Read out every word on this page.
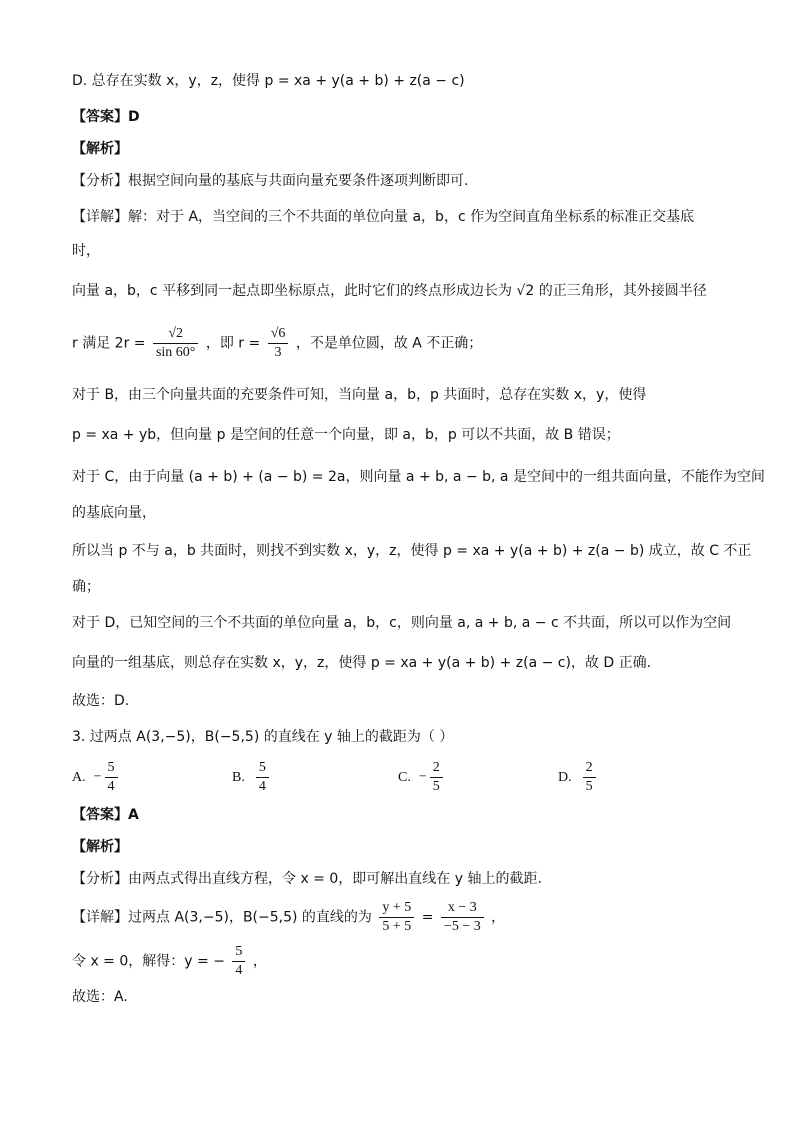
D. 总存在实数 x，y，z，使得 p = xa + y(a + b) + z(a − c)
【答案】D
【解析】
【分析】根据空间向量的基底与共面向量充要条件逐项判断即可.
【详解】解：对于 A，当空间的三个不共面的单位向量 a，b，c 作为空间直角坐标系的标准正交基底
时，
向量 a，b，c 平移到同一起点即坐标原点，此时它们的终点形成边长为 √2 的正三角形，其外接圆半径
r 满足 $2r = \frac{√2}{\sin 60^\circ}$ ，即 $r = \frac{√6}{3}$ ，不是单位圆，故 A 不正确；
对于 B，由三个向量共面的充要条件可知，当向量 a，b，p 共面时，总存在实数 x，y，使得
p = xa + yb，但向量 p 是空间的任意一个向量，即 a，b，p 可以不共面，故 B 错误；
对于 C，由于向量 (a + b) + (a − b) = 2a，则向量 a + b, a − b, a 是空间中的一组共面向量，不能作为空间
的基底向量，
所以当 p 不与 a，b 共面时，则找不到实数 x，y，z，使得 p = xa + y(a + b) + z(a − b) 成立，故 C 不正
确；
对于 D，已知空间的三个不共面的单位向量 a，b，c，则向量 a, a + b, a − c 不共面，所以可以作为空间
向量的一组基底，则总存在实数 x，y，z，使得 p = xa + y(a + b) + z(a − c)，故 D 正确.
故选：D.
3. 过两点 A(3,−5)，B(−5,5) 的直线在 y 轴上的截距为（ ）
A. − $\frac{5}{4}$	B. $\frac{5}{4}$	C. − $\frac{2}{5}$	D. $\frac{2}{5}$
【答案】A
【解析】
【分析】由两点式得出直线方程，令 x = 0，即可解出直线在 y 轴上的截距.
【详解】过两点 A(3,−5)，B(−5,5) 的直线的为 $\frac{y + 5}{5 + 5} = \frac{x - 3}{-5 - 3}$ ，
令 x = 0，解得：y = − $\frac{5}{4}$ ，
故选：A.
